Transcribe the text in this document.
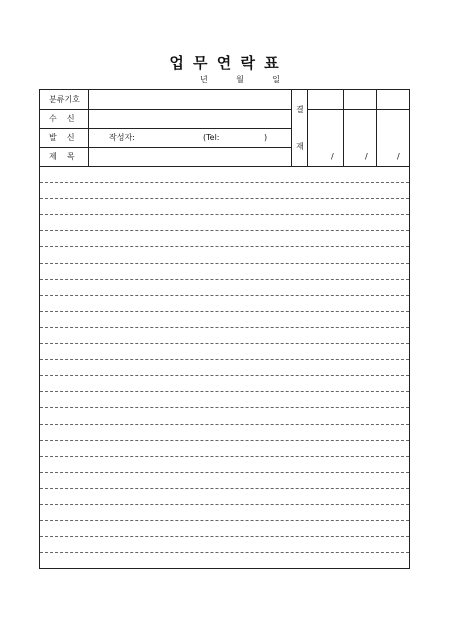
업 무 연 락 표
년	월	일
분류기호
수    신
발    신	작성자:	(Tel:	)
제    목
결
재
/	/	/
